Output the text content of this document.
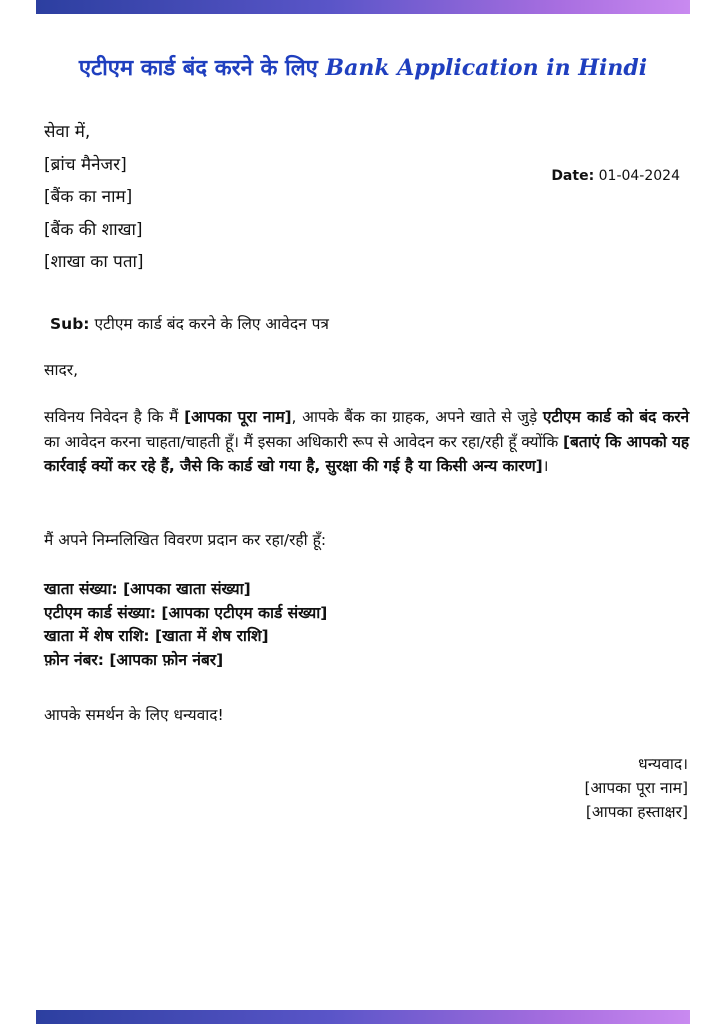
एटीएम कार्ड बंद करने के लिए Bank Application in Hindi
सेवा में,
[ब्रांच मैनेजर]
[बैंक का नाम]
[बैंक की शाखा]
[शाखा का पता]
Date: 01-04-2024
Sub: एटीएम कार्ड बंद करने के लिए आवेदन पत्र
सादर,
सविनय निवेदन है कि मैं [आपका पूरा नाम], आपके बैंक का ग्राहक, अपने खाते से जुड़े एटीएम कार्ड को बंद करने का आवेदन करना चाहता/चाहती हूँ। मैं इसका अधिकारी रूप से आवेदन कर रहा/रही हूँ क्योंकि [बताएं कि आपको यह कार्रवाई क्यों कर रहे हैं, जैसे कि कार्ड खो गया है, सुरक्षा की गई है या किसी अन्य कारण]।
मैं अपने निम्नलिखित विवरण प्रदान कर रहा/रही हूँ:
खाता संख्या: [आपका खाता संख्या]
एटीएम कार्ड संख्या: [आपका एटीएम कार्ड संख्या]
खाता में शेष राशि: [खाता में शेष राशि]
फ़ोन नंबर: [आपका फ़ोन नंबर]
आपके समर्थन के लिए धन्यवाद!
धन्यवाद।
[आपका पूरा नाम]
[आपका हस्ताक्षर]
